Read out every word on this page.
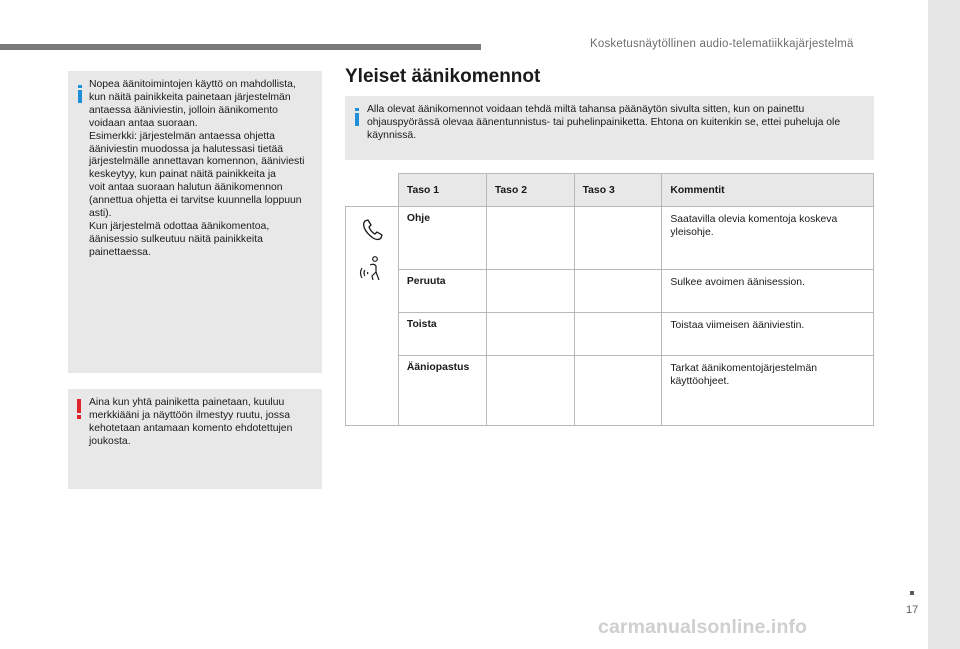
Kosketusnäytöllinen audio-telematiikkajärjestelmä
Nopea äänitoimintojen käyttö on mahdollista,
kun näitä painikkeita painetaan järjestelmän
antaessa ääniviestin, jolloin äänikomento
voidaan antaa suoraan.
Esimerkki: järjestelmän antaessa ohjetta
ääniviestin muodossa ja halutessasi tietää
järjestelmälle annettavan komennon, ääniviesti
keskeytyy, kun painat näitä painikkeita ja
voit antaa suoraan halutun äänikomennon
(annettua ohjetta ei tarvitse kuunnella loppuun
asti).
Kun järjestelmä odottaa äänikomentoa,
äänisessio sulkeutuu näitä painikkeita
painettaessa.
Aina kun yhtä painiketta painetaan, kuuluu
merkkiääni ja näyttöön ilmestyy ruutu, jossa
kehotetaan antamaan komento ehdotettujen
joukosta.
Yleiset äänikomennot
Alla olevat äänikomennot voidaan tehdä miltä tahansa päänäytön sivulta sitten, kun on painettu
ohjauspyörässä olevaa äänentunnistus- tai puhelinpainiketta. Ehtona on kuitenkin se, ettei puheluja ole
käynnissä.
	Taso 1	Taso 2	Taso 3	Kommentit

	Ohje			Saatavilla olevia komentoja koskeva
yleisohje.

	Peruuta			Sulkee avoimen äänisession.

	Toista			Toistaa viimeisen ääniviestin.

	Ääniopastus			Tarkat äänikomentojärjestelmän
käyttöohjeet.
17
carmanualsonline.info
